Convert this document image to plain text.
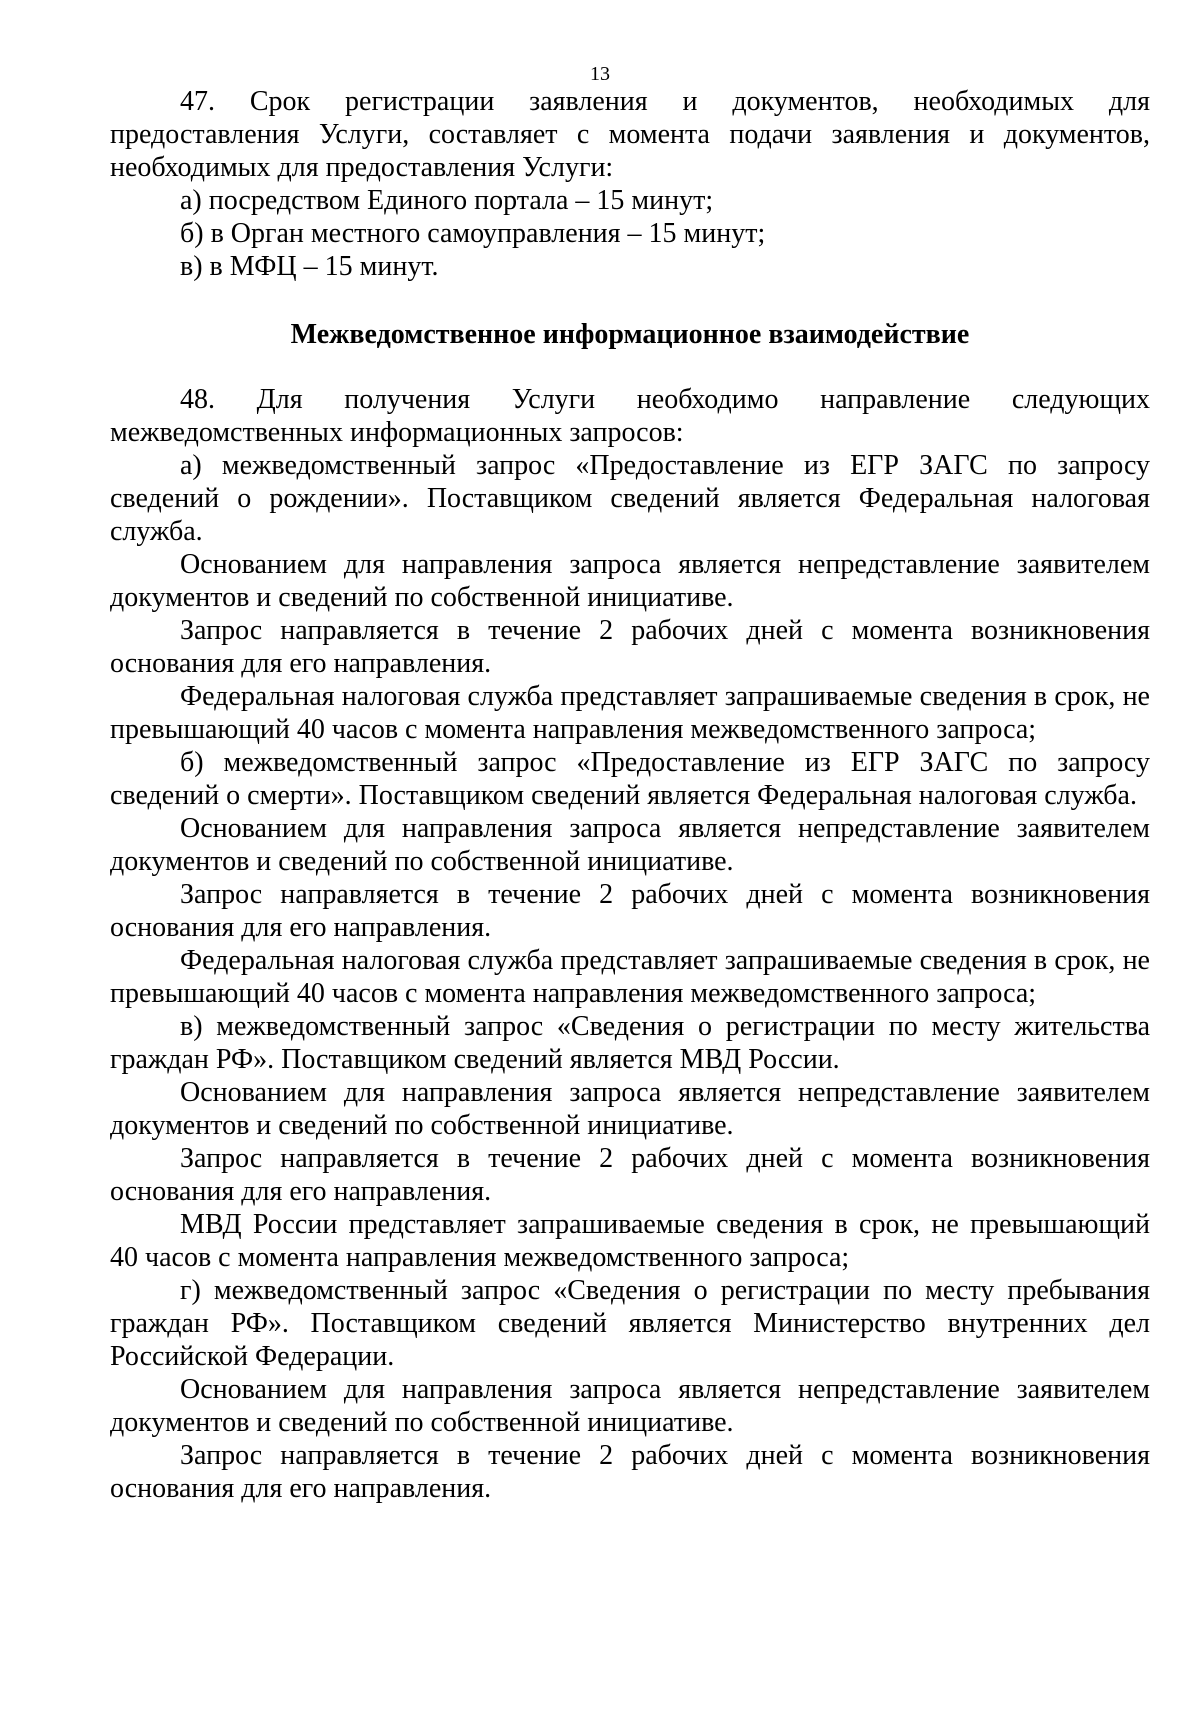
13

47. Срок регистрации заявления и документов, необходимых для предоставления Услуги, составляет с момента подачи заявления и документов, необходимых для предоставления Услуги:

а) посредством Единого портала – 15 минут;

б) в Орган местного самоуправления – 15 минут;

в) в МФЦ – 15 минут.

Межведомственное информационное взаимодействие

48. Для получения Услуги необходимо направление следующих межведомственных информационных запросов:

а) межведомственный запрос «Предоставление из ЕГР ЗАГС по запросу сведений о рождении». Поставщиком сведений является Федеральная налоговая служба.

Основанием для направления запроса является непредставление заявителем документов и сведений по собственной инициативе.

Запрос направляется в течение 2 рабочих дней с момента возникновения основания для его направления.

Федеральная налоговая служба представляет запрашиваемые сведения в срок, не превышающий 40 часов с момента направления межведомственного запроса;

б) межведомственный запрос «Предоставление из ЕГР ЗАГС по запросу сведений о смерти». Поставщиком сведений является Федеральная налоговая служба.

Основанием для направления запроса является непредставление заявителем документов и сведений по собственной инициативе.

Запрос направляется в течение 2 рабочих дней с момента возникновения основания для его направления.

Федеральная налоговая служба представляет запрашиваемые сведения в срок, не превышающий 40 часов с момента направления межведомственного запроса;

в) межведомственный запрос «Сведения о регистрации по месту жительства граждан РФ». Поставщиком сведений является МВД России.

Основанием для направления запроса является непредставление заявителем документов и сведений по собственной инициативе.

Запрос направляется в течение 2 рабочих дней с момента возникновения основания для его направления.

МВД России представляет запрашиваемые сведения в срок, не превышающий 40 часов с момента направления межведомственного запроса;

г) межведомственный запрос «Сведения о регистрации по месту пребывания граждан РФ». Поставщиком сведений является Министерство внутренних дел Российской Федерации.

Основанием для направления запроса является непредставление заявителем документов и сведений по собственной инициативе.

Запрос направляется в течение 2 рабочих дней с момента возникновения основания для его направления.
